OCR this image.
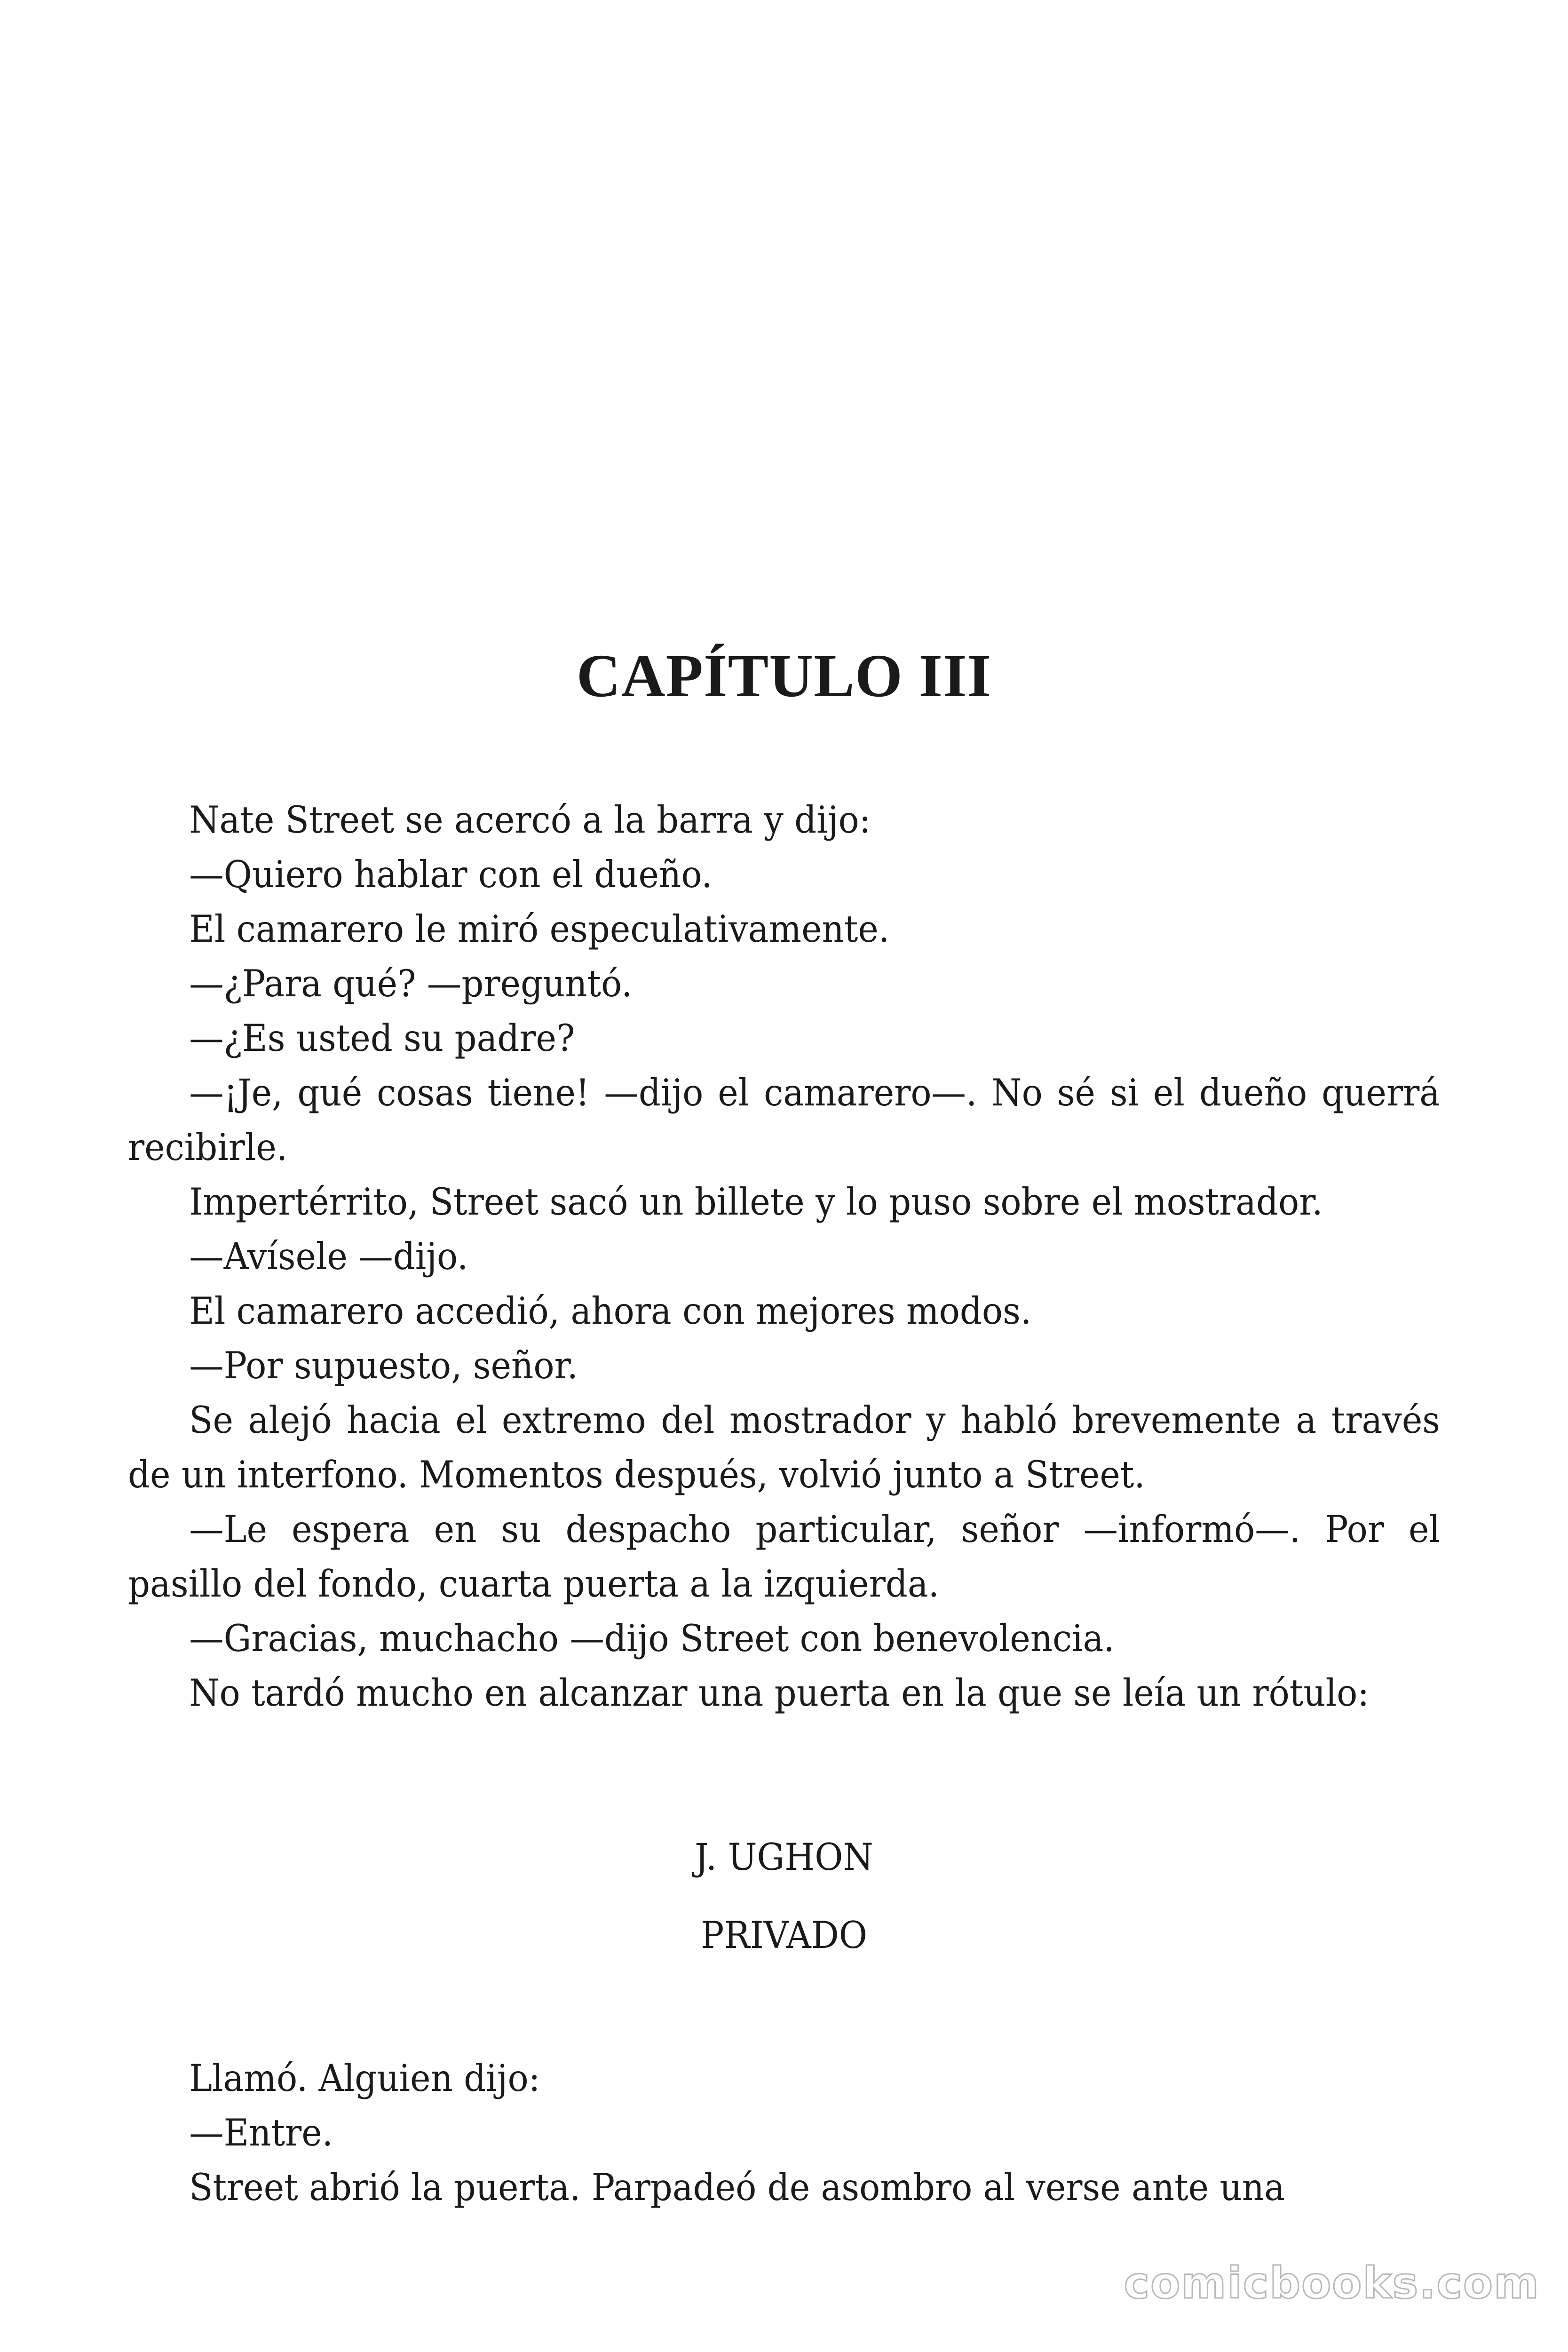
CAPÍTULO III

Nate Street se acercó a la barra y dijo:

—Quiero hablar con el dueño.

El camarero le miró especulativamente.

—¿Para qué? —preguntó.

—¿Es usted su padre?

—¡Je, qué cosas tiene! —dijo el camarero—. No sé si el dueño querrá recibirle.

Impertérrito, Street sacó un billete y lo puso sobre el mostrador.

—Avísele —dijo.

El camarero accedió, ahora con mejores modos.

—Por supuesto, señor.

Se alejó hacia el extremo del mostrador y habló brevemente a través de un interfono. Momentos después, volvió junto a Street.

—Le espera en su despacho particular, señor —informó—. Por el pasillo del fondo, cuarta puerta a la izquierda.

—Gracias, muchacho —dijo Street con benevolencia.

No tardó mucho en alcanzar una puerta en la que se leía un rótulo:

J. UGHON

PRIVADO

Llamó. Alguien dijo:

—Entre.

Street abrió la puerta. Parpadeó de asombro al verse ante una

comicbooks.com
